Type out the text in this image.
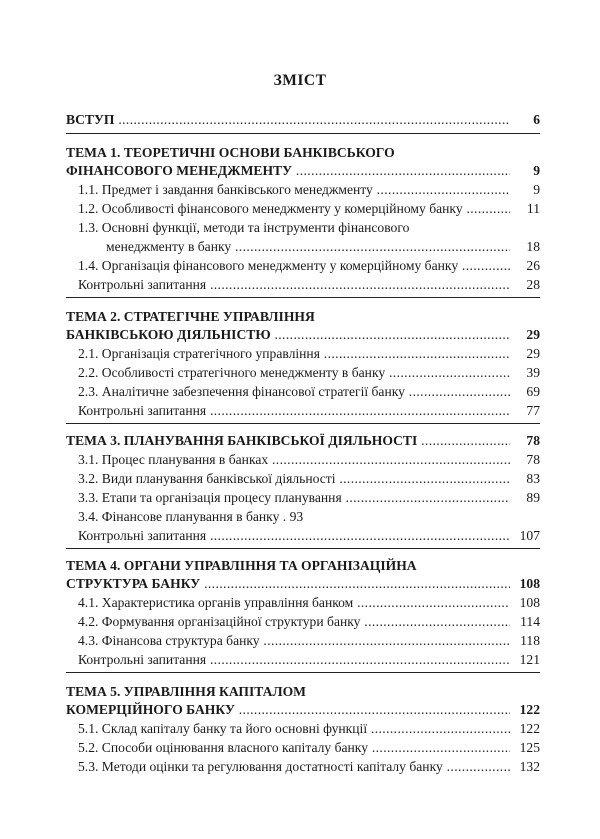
ЗМІСТ
ВСТУП .....	6
ТЕМА 1. ТЕОРЕТИЧНІ ОСНОВИ БАНКІВСЬКОГО
ФІНАНСОВОГО МЕНЕДЖМЕНТУ .....	9
1.1. Предмет і завдання банківського менеджменту .....	9
1.2. Особливості фінансового менеджменту у комерційному банку .....	11
1.3. Основні функції, методи та інструменти фінансового
менеджменту в банку .....	18
1.4. Організація фінансового менеджменту у комерційному банку .....	26
Контрольні запитання .....	28
ТЕМА 2. СТРАТЕГІЧНЕ УПРАВЛІННЯ
БАНКІВСЬКОЮ ДІЯЛЬНІСТЮ .....	29
2.1. Організація стратегічного управління .....	29
2.2. Особливості стратегічного менеджменту в банку .....	39
2.3. Аналітичне забезпечення фінансової стратегії банку .....	69
Контрольні запитання .....	77
ТЕМА 3. ПЛАНУВАННЯ БАНКІВСЬКОЇ ДІЯЛЬНОСТІ .....	78
3.1. Процес планування в банках .....	78
3.2. Види планування банківської діяльності .....	83
3.3. Етапи та організація процесу планування .....	89
3.4. Фінансове планування в банку . 93
Контрольні запитання .....	107
ТЕМА 4. ОРГАНИ УПРАВЛІННЯ ТА ОРГАНІЗАЦІЙНА
СТРУКТУРА БАНКУ .....	108
4.1. Характеристика органів управління банком .....	108
4.2. Формування організаційної структури банку .....	114
4.3. Фінансова структура банку .....	118
Контрольні запитання .....	121
ТЕМА 5. УПРАВЛІННЯ КАПІТАЛОМ
КОМЕРЦІЙНОГО БАНКУ .....	122
5.1. Склад капіталу банку та його основні функції .....	122
5.2. Способи оцінювання власного капіталу банку .....	125
5.3. Методи оцінки та регулювання достатності капіталу банку .....	132
